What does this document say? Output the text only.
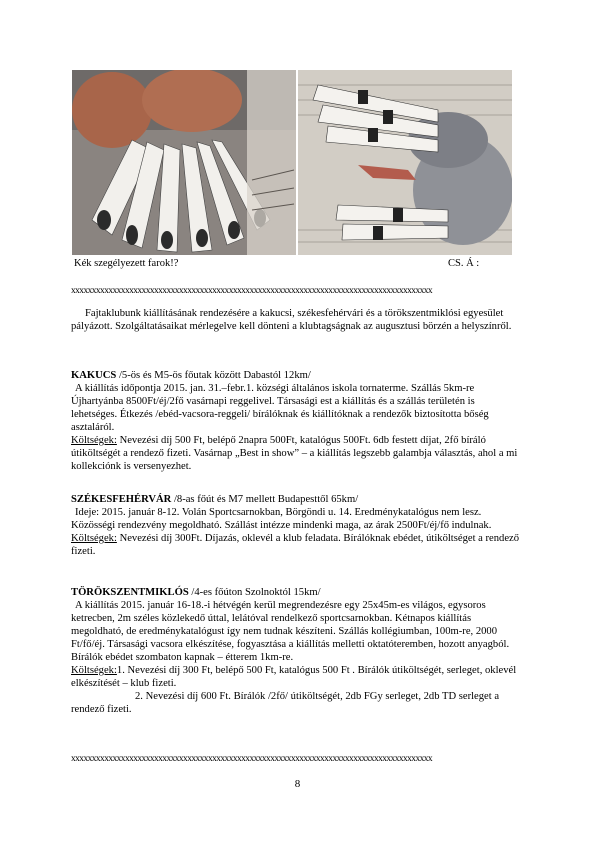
Kék szegélyezett farok!?	CS. Á :
xxxxxxxxxxxxxxxxxxxxxxxxxxxxxxxxxxxxxxxxxxxxxxxxxxxxxxxxxxxxxxxxxxxxxxxxxxxxxxxxxxxxxxx

Fajtaklubunk kiállításának rendezésére a kakucsi, székesfehérvári és a törökszentmiklósi egyesület pályázott. Szolgáltatásaikat mérlegelve kell dönteni a klubtagságnak az augusztusi börzén a helyszínről.

KAKUCS /5-ös és M5-ös főutak között Dabastól 12km/

A kiállítás időpontja 2015. jan. 31.–febr.1. községi általános iskola tornaterme. Szállás 5km-re Újhartyánba 8500Ft/éj/2fő vasárnapi reggelivel. Társasági est a kiállítás és a szállás területén is lehetséges. Étkezés /ebéd-vacsora-reggeli/ bírálóknak és kiállítóknak a rendezők biztosította bőség asztaláról.

Költségek: Nevezési díj 500 Ft, belépő 2napra 500Ft, katalógus 500Ft. 6db festett díjat, 2fő bíráló útiköltségét a rendező fizeti. Vasárnap „Best in show” – a kiállítás legszebb galambja választás, ahol a mi kollekciónk is versenyezhet.

SZÉKESFEHÉRVÁR /8-as főút és M7 mellett Budapesttől 65km/

Ideje: 2015. január 8-12. Volán Sportcsarnokban, Börgöndi u. 14. Eredménykatalógus nem lesz. Közösségi rendezvény megoldható. Szállást intézze mindenki maga, az árak 2500Ft/éj/fő indulnak.

Költségek: Nevezési díj 300Ft. Díjazás, oklevél a klub feladata. Bírálóknak ebédet, útiköltséget a rendező fizeti.

TÖRÖKSZENTMIKLÓS /4-es főúton Szolnoktól 15km/

A kiállítás 2015. január 16-18.-i hétvégén kerül megrendezésre egy 25x45m-es világos, egysoros ketrecben, 2m széles közlekedő úttal, lelátóval rendelkező sportcsarnokban. Kétnapos kiállítás megoldható, de eredménykatalógust így nem tudnak készíteni. Szállás kollégiumban, 100m-re, 2000 Ft/fő/éj. Társasági vacsora elkészítése, fogyasztása a kiállítás melletti oktatóteremben, hozott anyagból. Bírálók ebédet szombaton kapnak – étterem 1km-re.

Költségek:1. Nevezési díj 300 Ft, belépő 500 Ft, katalógus 500 Ft . Bírálók útiköltségét, serleget, oklevél elkészítését – klub fizeti.

2. Nevezési díj 600 Ft. Bírálók /2fő/ útiköltségét, 2db FGy serleget, 2db TD serleget a rendező fizeti.

xxxxxxxxxxxxxxxxxxxxxxxxxxxxxxxxxxxxxxxxxxxxxxxxxxxxxxxxxxxxxxxxxxxxxxxxxxxxxxxxxxxxxxx
8
